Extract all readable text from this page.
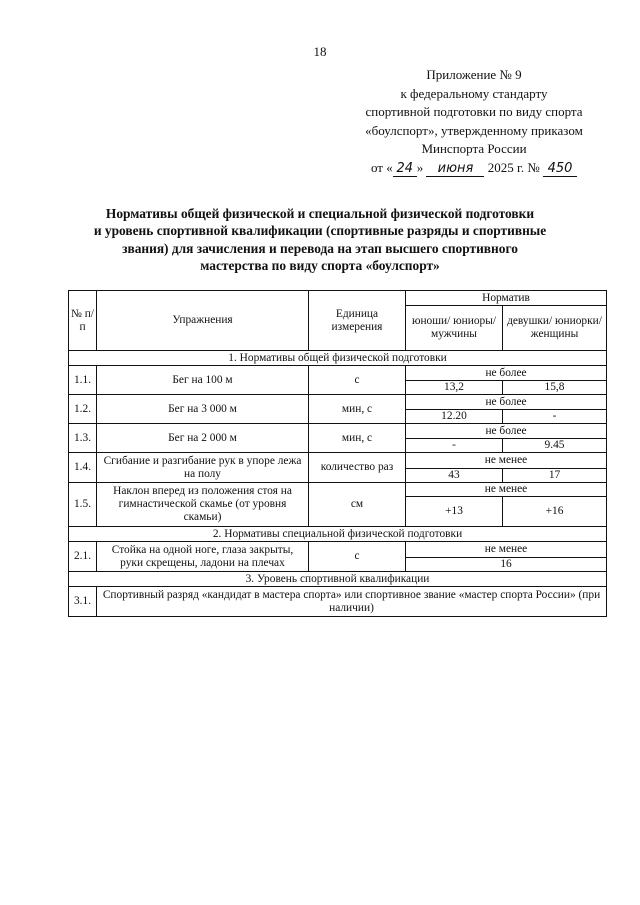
18
Приложение № 9
к федеральному стандарту
спортивной подготовки по виду спорта
«боулспорт», утвержденному приказом
Минспорта России
от « 24 » июня 2025 г. № 450
Нормативы общей физической и специальной физической подготовки
и уровень спортивной квалификации (спортивные разряды и спортивные
звания) для зачисления и перевода на этап высшего спортивного
мастерства по виду спорта «боулспорт»
№ п/п	Упражнения	Единица измерения	Норматив	
			юноши/ юниоры/ мужчины	девушки/ юниорки/ женщины
1. Нормативы общей физической подготовки				
1.1.	Бег на 100 м	с	не более	
			13,2	15,8
1.2.	Бег на 3 000 м	мин, с	не более	
			12.20	-
1.3.	Бег на 2 000 м	мин, с	не более	
			-	9.45
1.4.	Сгибание и разгибание рук в упоре лежа на полу	количество раз	не менее	
			43	17
1.5.	Наклон вперед из положения стоя на гимнастической скамье (от уровня скамьи)	см	не менее	
			+13	+16
2. Нормативы специальной физической подготовки				
2.1.	Стойка на одной ноге, глаза закрыты, руки скрещены, ладони на плечах	с	не менее	
			16	
3. Уровень спортивной квалификации				
3.1.	Спортивный разряд «кандидат в мастера спорта» или спортивное звание «мастер спорта России» (при наличии)			
